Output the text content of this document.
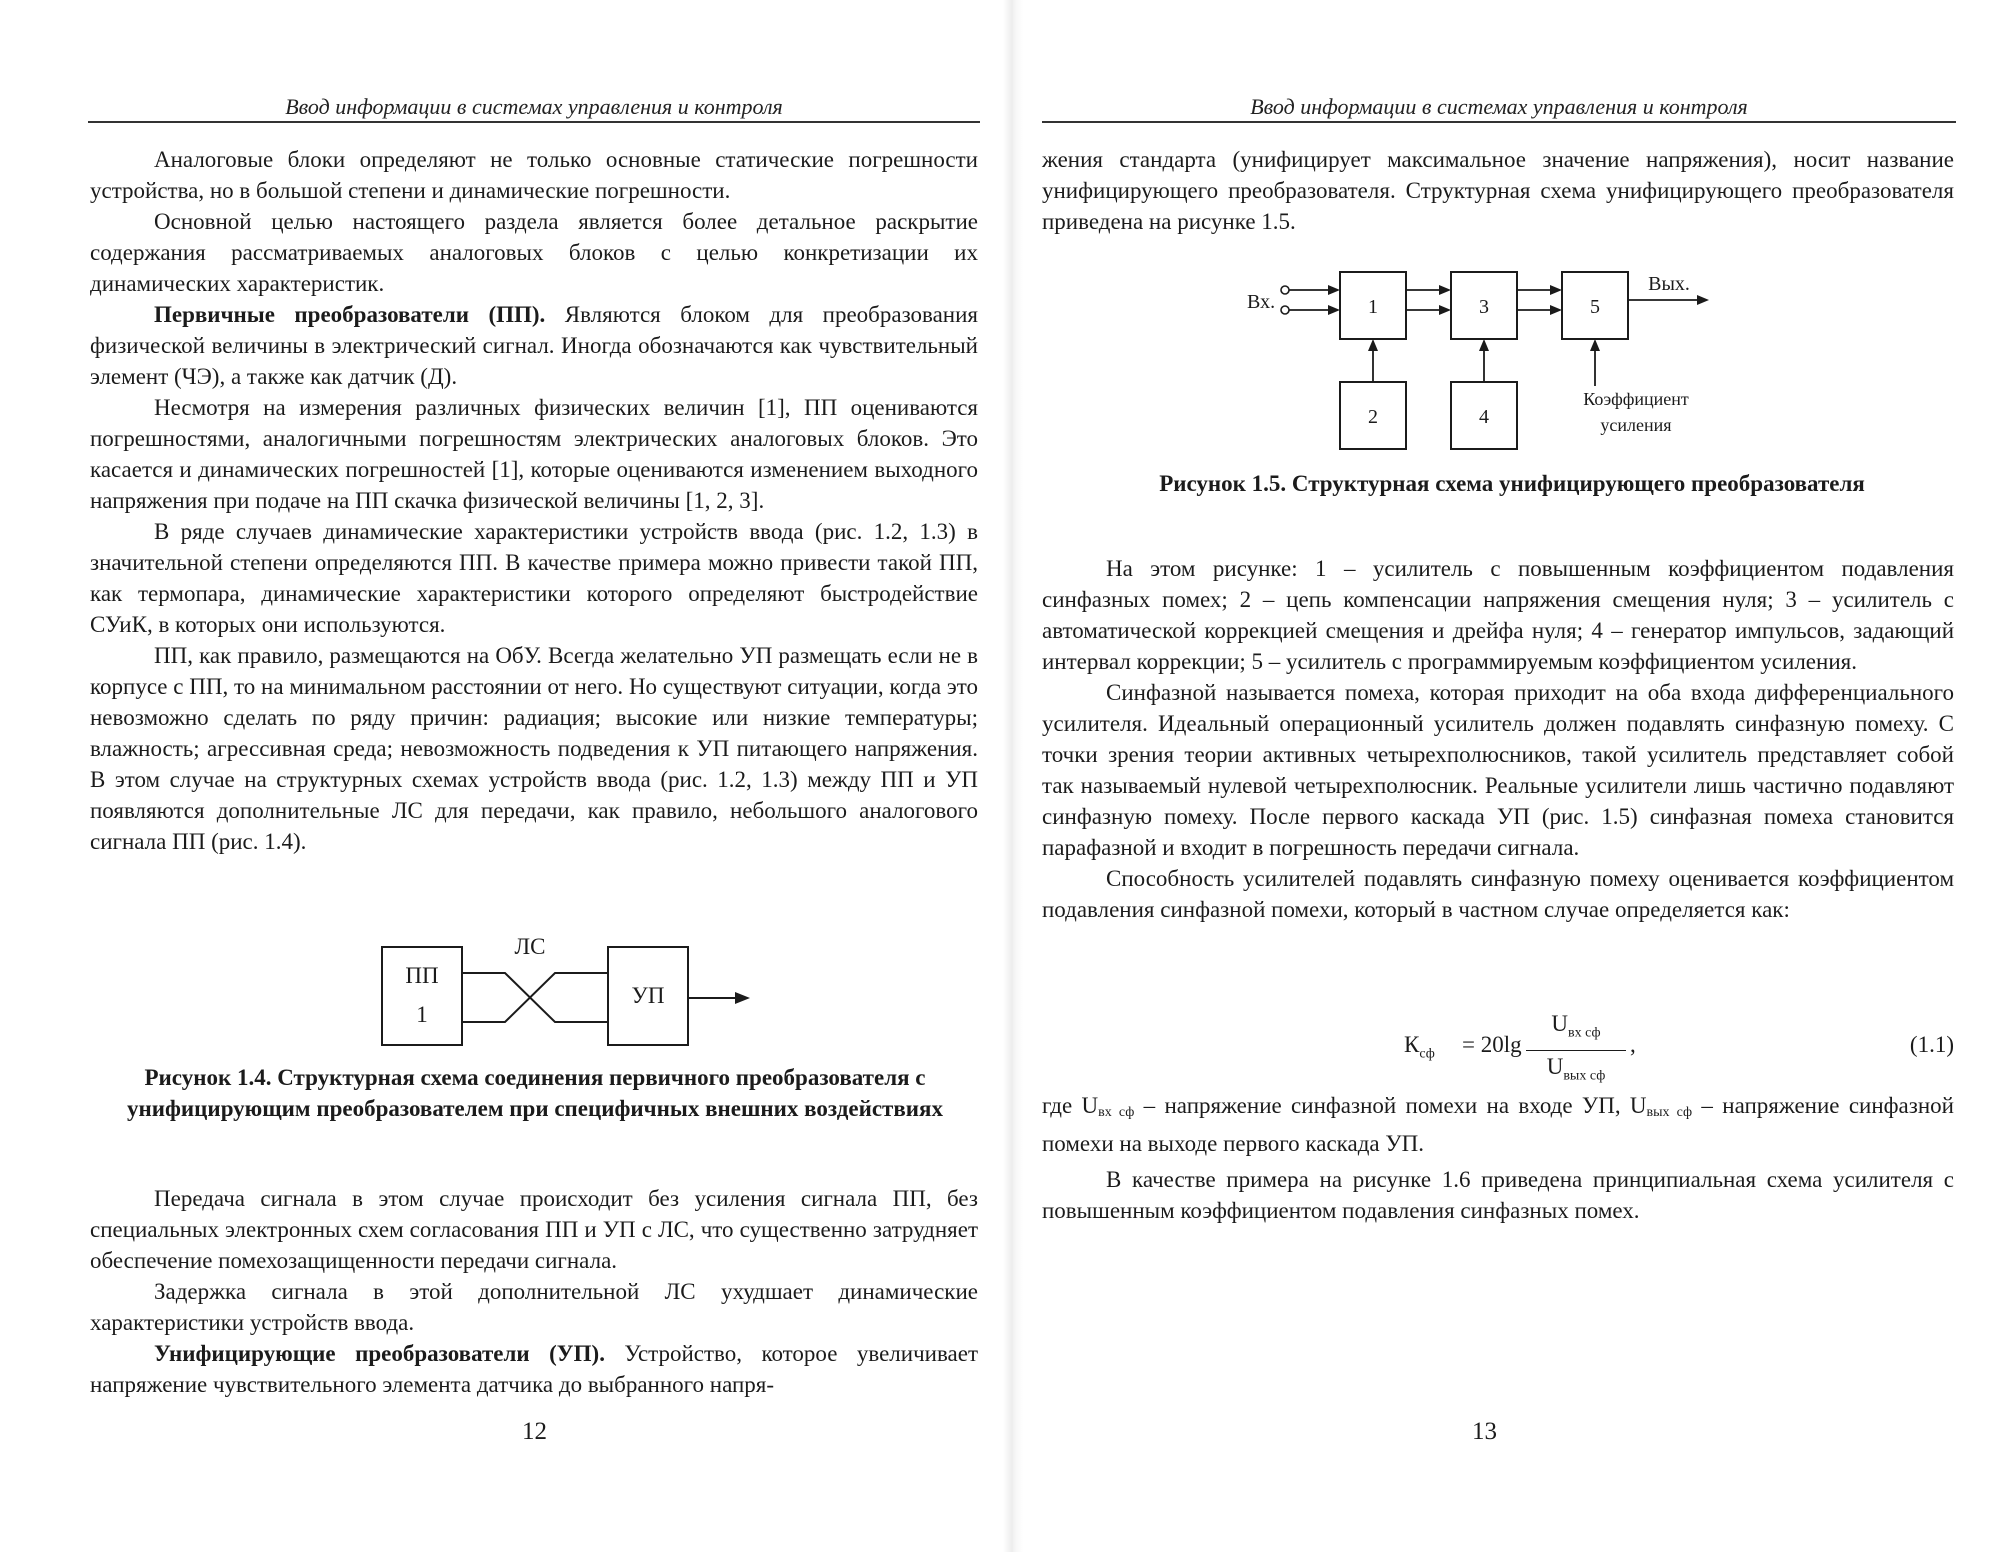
Ввод информации в системах управления и контроля

Аналоговые блоки определяют не только основные статические погрешности устройства, но в большой степени и динамические погрешности.

Основной целью настоящего раздела является более детальное раскрытие содержания рассматриваемых аналоговых блоков с целью конкретизации их динамических характеристик.

Первичные преобразователи (ПП). Являются блоком для преобразования физической величины в электрический сигнал. Иногда обозначаются как чувствительный элемент (ЧЭ), а также как датчик (Д).

Несмотря на измерения различных физических величин [1], ПП оцениваются погрешностями, аналогичными погрешностям электрических аналоговых блоков. Это касается и динамических погрешностей [1], которые оцениваются изменением выходного напряжения при подаче на ПП скачка физической величины [1, 2, 3].

В ряде случаев динамические характеристики устройств ввода (рис. 1.2, 1.3) в значительной степени определяются ПП. В качестве примера можно привести такой ПП, как термопара, динамические характеристики которого определяют быстродействие СУиК, в которых они используются.

ПП, как правило, размещаются на ОбУ. Всегда желательно УП размещать если не в корпусе с ПП, то на минимальном расстоянии от него. Но существуют ситуации, когда это невозможно сделать по ряду причин: радиация; высокие или низкие температуры; влажность; агрессивная среда; невозможность подведения к УП питающего напряжения. В этом случае на структурных схемах устройств ввода (рис. 1.2, 1.3) между ПП и УП появляются дополнительные ЛС для передачи, как правило, небольшого аналогового сигнала ПП (рис. 1.4).

ПП
1
ЛС
УП
Рисунок 1.4. Структурная схема соединения первичного преобразователя с унифицирующим преобразователем при специфичных внешних воздействиях

Передача сигнала в этом случае происходит без усиления сигнала ПП, без специальных электронных схем согласования ПП и УП с ЛС, что существенно затрудняет обеспечение помехозащищенности передачи сигнала.

Задержка сигнала в этой дополнительной ЛС ухудшает динамические характеристики устройств ввода.

Унифицирующие преобразователи (УП). Устройство, которое увеличивает напряжение чувствительного элемента датчика до выбранного напря-

12
Ввод информации в системах управления и контроля

жения стандарта (унифицирует максимальное значение напряжения), носит название унифицирующего преобразователя. Структурная схема унифицирующего преобразователя приведена на рисунке 1.5.

Вх.	1	3	5
Вых.
2	4
Коэффициент
усиления
Рисунок 1.5. Структурная схема унифицирующего преобразователя

На этом рисунке: 1 – усилитель с повышенным коэффициентом подавления синфазных помех; 2 – цепь компенсации напряжения смещения нуля; 3 – усилитель с автоматической коррекцией смещения и дрейфа нуля; 4 – генератор импульсов, задающий интервал коррекции; 5 – усилитель с программируемым коэффициентом усиления.

Синфазной называется помеха, которая приходит на оба входа дифференциального усилителя. Идеальный операционный усилитель должен подавлять синфазную помеху. С точки зрения теории активных четырехполюсников, такой усилитель представляет собой так называемый нулевой четырехполюсник. Реальные усилители лишь частично подавляют синфазную помеху. После первого каскада УП (рис. 1.5) синфазная помеха становится парафазной и входит в погрешность передачи сигнала.

Способность усилителей подавлять синфазную помеху оценивается коэффициентом подавления синфазной помехи, который в частном случае определяется как:

$К_{сф} = 20\lg$
$U_{вх сф}$
$U_{вых сф}$
,	(1.1)

где Uвх сф – напряжение синфазной помехи на входе УП, Uвых сф – напряжение синфазной помехи на выходе первого каскада УП.

В качестве примера на рисунке 1.6 приведена принципиальная схема усилителя с повышенным коэффициентом подавления синфазных помех.

13
